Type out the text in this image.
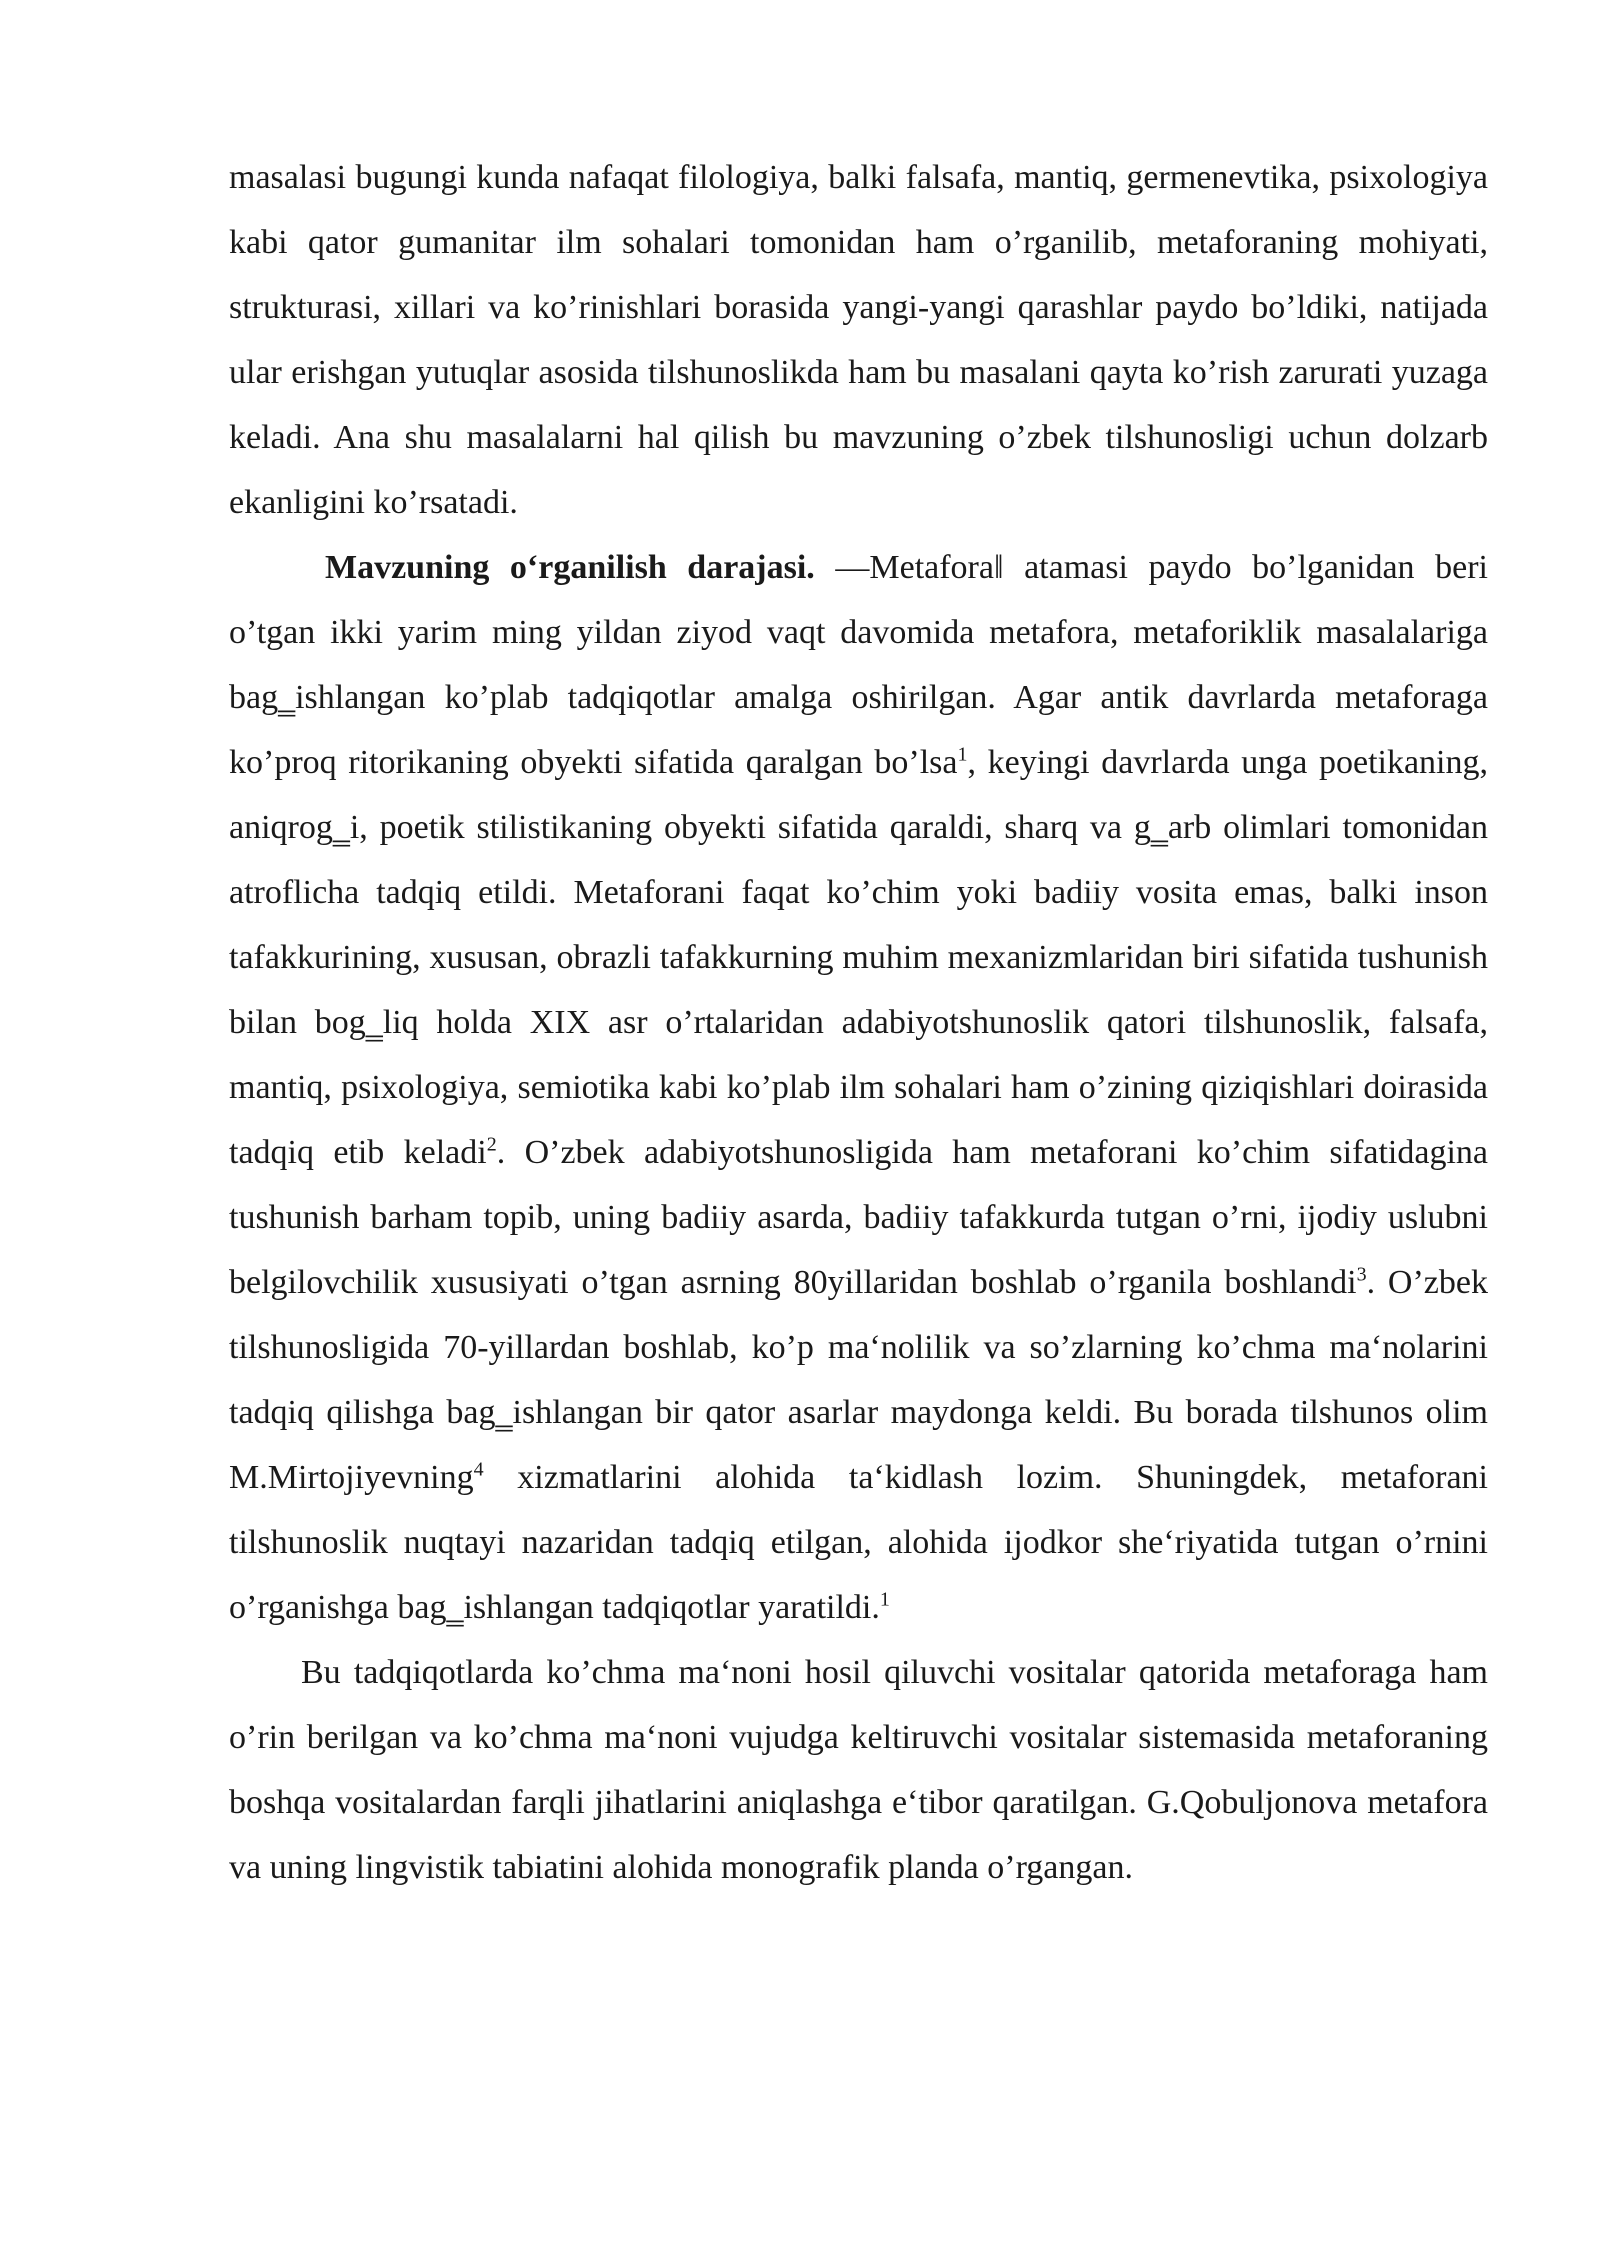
masalasi bugungi kunda nafaqat filologiya, balki falsafa, mantiq, germenevtika, psixologiya kabi qator gumanitar ilm sohalari tomonidan ham o’rganilib, metaforaning mohiyati, strukturasi, xillari va ko’rinishlari borasida yangi-yangi qarashlar paydo bo’ldiki, natijada ular erishgan yutuqlar asosida tilshunoslikda ham bu masalani qayta ko’rish zarurati yuzaga keladi. Ana shu masalalarni hal qilish bu mavzuning o’zbek tilshunosligi uchun dolzarb ekanligini ko’rsatadi.

Mavzuning o‘rganilish darajasi. ―Metafora‖ atamasi paydo bo’lganidan beri o’tgan ikki yarim ming yildan ziyod vaqt davomida metafora, metaforiklik masalalariga bag‗ishlangan ko’plab tadqiqotlar amalga oshirilgan. Agar antik davrlarda metaforaga ko’proq ritorikaning obyekti sifatida qaralgan bo’lsa$^1$, keyingi davrlarda unga poetikaning, aniqrog‗i, poetik stilistikaning obyekti sifatida qaraldi, sharq va g‗arb olimlari tomonidan atroflicha tadqiq etildi. Metaforani faqat ko’chim yoki badiiy vosita emas, balki inson tafakkurining, xususan, obrazli tafakkurning muhim mexanizmlaridan biri sifatida tushunish bilan bog‗liq holda XIX asr o’rtalaridan adabiyotshunoslik qatori tilshunoslik, falsafa, mantiq, psixologiya, semiotika kabi ko’plab ilm sohalari ham o’zining qiziqishlari doirasida tadqiq etib keladi$^2$. O’zbek adabiyotshunosligida ham metaforani ko’chim sifatidagina tushunish barham topib, uning badiiy asarda, badiiy tafakkurda tutgan o’rni, ijodiy uslubni belgilovchilik xususiyati o’tgan asrning 80yillaridan boshlab o’rganila boshlandi$^3$. O’zbek tilshunosligida 70-yillardan boshlab, ko’p ma‘nolilik va so’zlarning ko’chma ma‘nolarini tadqiq qilishga bag‗ishlangan bir qator asarlar maydonga keldi. Bu borada tilshunos olim M.Mirtojiyevning$^4$ xizmatlarini alohida ta‘kidlash lozim. Shuningdek, metaforani tilshunoslik nuqtayi nazaridan tadqiq etilgan, alohida ijodkor she‘riyatida tutgan o’rnini o’rganishga bag‗ishlangan tadqiqotlar yaratildi.$^1$

Bu tadqiqotlarda ko’chma ma‘noni hosil qiluvchi vositalar qatorida metaforaga ham o’rin berilgan va ko’chma ma‘noni vujudga keltiruvchi vositalar sistemasida metaforaning boshqa vositalardan farqli jihatlarini aniqlashga e‘tibor qaratilgan. G.Qobuljonova metafora va uning lingvistik tabiatini alohida monografik planda o’rgangan.
